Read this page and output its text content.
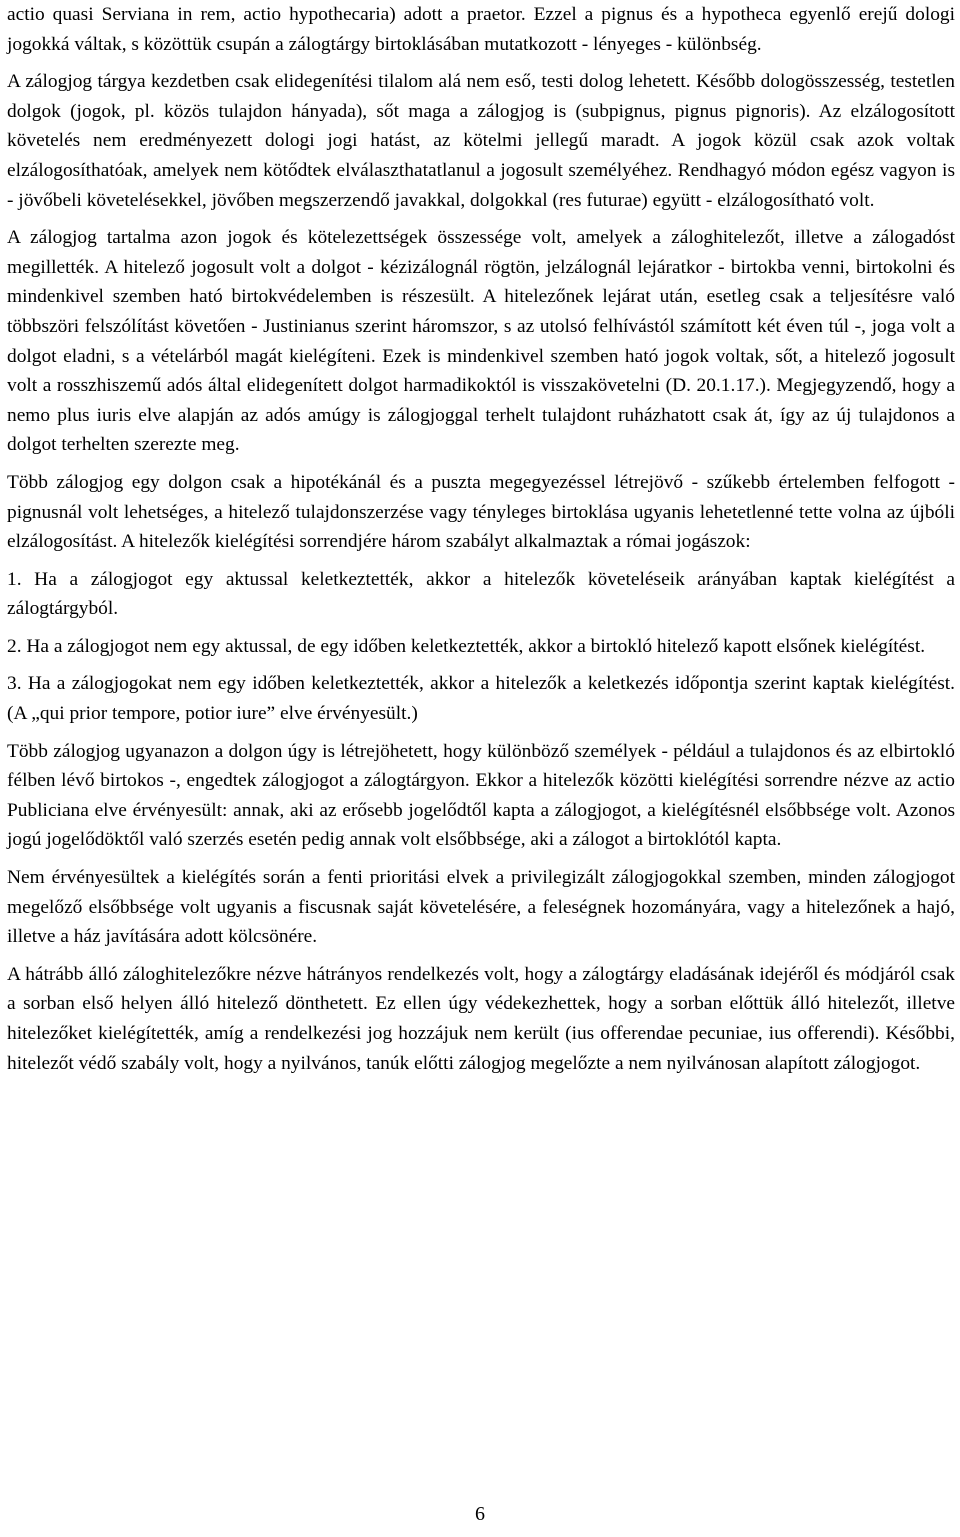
actio quasi Serviana in rem, actio hypothecaria) adott a praetor. Ezzel a pignus és a hypotheca egyenlő erejű dologi jogokká váltak, s közöttük csupán a zálogtárgy birtoklásában mutatkozott - lényeges - különbség.

A zálogjog tárgya kezdetben csak elidegenítési tilalom alá nem eső, testi dolog lehetett. Később dologösszesség, testetlen dolgok (jogok, pl. közös tulajdon hányada), sőt maga a zálogjog is (subpignus, pignus pignoris). Az elzálogosított követelés nem eredményezett dologi jogi hatást, az kötelmi jellegű maradt. A jogok közül csak azok voltak elzálogosíthatóak, amelyek nem kötődtek elválaszthatatlanul a jogosult személyéhez. Rendhagyó módon egész vagyon is - jövőbeli követelésekkel, jövőben megszerzendő javakkal, dolgokkal (res futurae) együtt - elzálogosítható volt.

A zálogjog tartalma azon jogok és kötelezettségek összessége volt, amelyek a záloghitelezőt, illetve a zálogadóst megillették. A hitelező jogosult volt a dolgot - kézizálognál rögtön, jelzálognál lejáratkor - birtokba venni, birtokolni és mindenkivel szemben ható birtokvédelemben is részesült. A hitelezőnek lejárat után, esetleg csak a teljesítésre való többszöri felszólítást követően - Justinianus szerint háromszor, s az utolsó felhívástól számított két éven túl -, joga volt a dolgot eladni, s a vételárból magát kielégíteni. Ezek is mindenkivel szemben ható jogok voltak, sőt, a hitelező jogosult volt a rosszhiszemű adós által elidegenített dolgot harmadikoktól is visszakövetelni (D. 20.1.17.). Megjegyzendő, hogy a nemo plus iuris elve alapján az adós amúgy is zálogjoggal terhelt tulajdont ruházhatott csak át, így az új tulajdonos a dolgot terhelten szerezte meg.

Több zálogjog egy dolgon csak a hipotékánál és a puszta megegyezéssel létrejövő - szűkebb értelemben felfogott - pignusnál volt lehetséges, a hitelező tulajdonszerzése vagy tényleges birtoklása ugyanis lehetetlenné tette volna az újbóli elzálogosítást. A hitelezők kielégítési sorrendjére három szabályt alkalmaztak a római jogászok:

1. Ha a zálogjogot egy aktussal keletkeztették, akkor a hitelezők követeléseik arányában kaptak kielégítést a zálogtárgyból.

2. Ha a zálogjogot nem egy aktussal, de egy időben keletkeztették, akkor a birtokló hitelező kapott elsőnek kielégítést.

3. Ha a zálogjogokat nem egy időben keletkeztették, akkor a hitelezők a keletkezés időpontja szerint kaptak kielégítést. (A „qui prior tempore, potior iure” elve érvényesült.)

Több zálogjog ugyanazon a dolgon úgy is létrejöhetett, hogy különböző személyek - például a tulajdonos és az elbirtokló félben lévő birtokos -, engedtek zálogjogot a zálogtárgyon. Ekkor a hitelezők közötti kielégítési sorrendre nézve az actio Publiciana elve érvényesült: annak, aki az erősebb jogelődtől kapta a zálogjogot, a kielégítésnél elsőbbsége volt. Azonos jogú jogelődöktől való szerzés esetén pedig annak volt elsőbbsége, aki a zálogot a birtoklótól kapta.

Nem érvényesültek a kielégítés során a fenti prioritási elvek a privilegizált zálogjogokkal szemben, minden zálogjogot megelőző elsőbbsége volt ugyanis a fiscusnak saját követelésére, a feleségnek hozományára, vagy a hitelezőnek a hajó, illetve a ház javítására adott kölcsönére.

A hátrább álló záloghitelezőkre nézve hátrányos rendelkezés volt, hogy a zálogtárgy eladásának idejéről és módjáról csak a sorban első helyen álló hitelező dönthetett. Ez ellen úgy védekezhettek, hogy a sorban előttük álló hitelezőt, illetve hitelezőket kielégítették, amíg a rendelkezési jog hozzájuk nem került (ius offerendae pecuniae, ius offerendi). Későbbi, hitelezőt védő szabály volt, hogy a nyilvános, tanúk előtti zálogjog megelőzte a nem nyilvánosan alapított zálogjogot.

6
